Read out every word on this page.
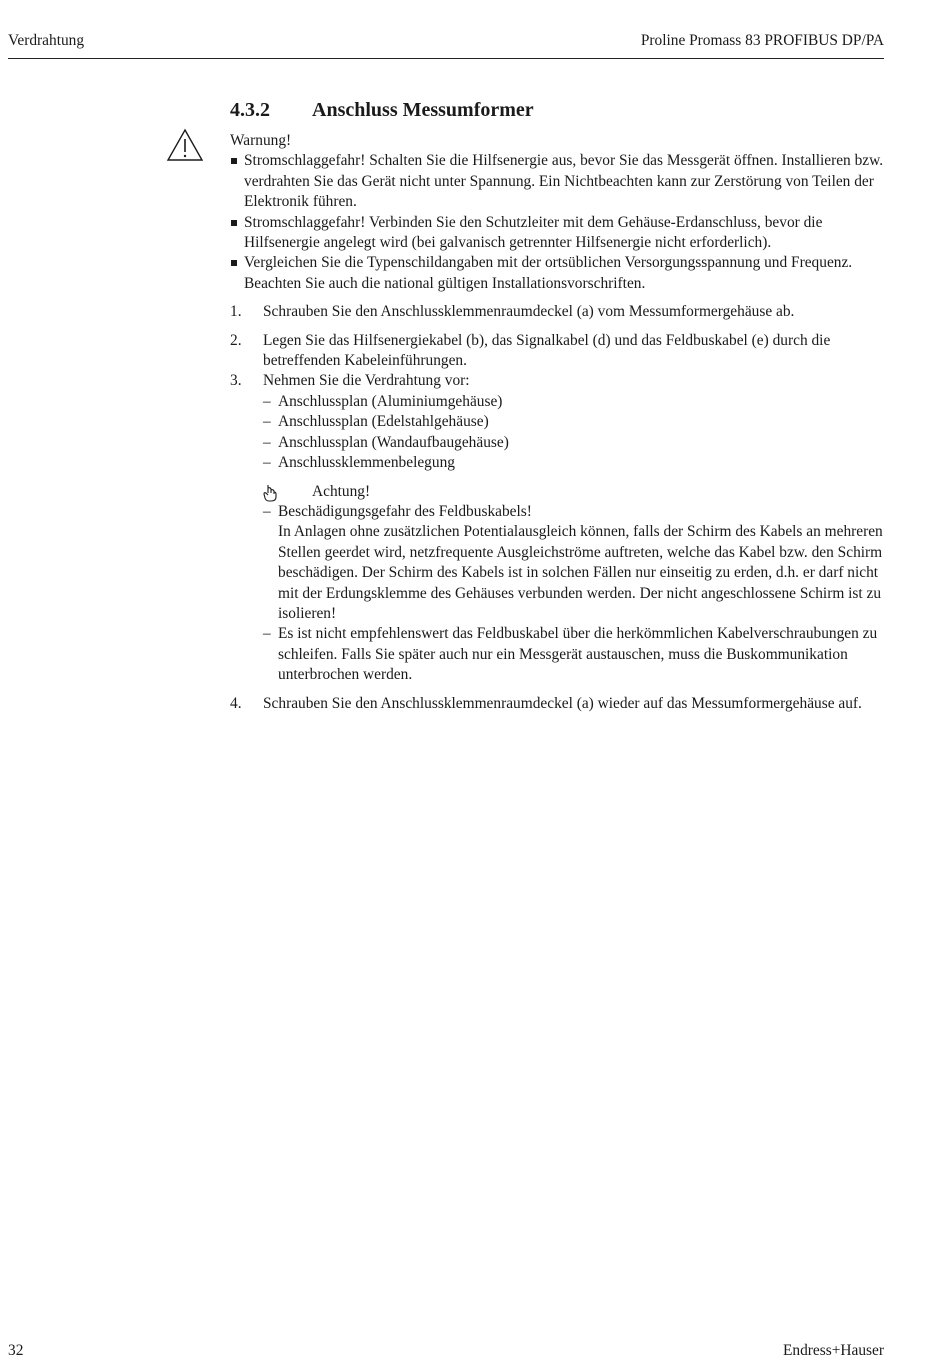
Verdrahtung	Proline Promass 83 PROFIBUS DP/PA
4.3.2 Anschluss Messumformer
Warnung!
Stromschlaggefahr! Schalten Sie die Hilfsenergie aus, bevor Sie das Messgerät öffnen. Installieren bzw. verdrahten Sie das Gerät nicht unter Spannung. Ein Nichtbeachten kann zur Zerstörung von Teilen der Elektronik führen.
Stromschlaggefahr! Verbinden Sie den Schutzleiter mit dem Gehäuse-Erdanschluss, bevor die Hilfsenergie angelegt wird (bei galvanisch getrennter Hilfsenergie nicht erforderlich).
Vergleichen Sie die Typenschildangaben mit der ortsüblichen Versorgungsspannung und Frequenz. Beachten Sie auch die national gültigen Installationsvorschriften.
1. Schrauben Sie den Anschlussklemmenraumdeckel (a) vom Messumformergehäuse ab.
2. Legen Sie das Hilfsenergiekabel (b), das Signalkabel (d) und das Feldbuskabel (e) durch die betreffenden Kabeleinführungen.
3. Nehmen Sie die Verdrahtung vor:
– Anschlussplan (Aluminiumgehäuse)
– Anschlussplan (Edelstahlgehäuse)
– Anschlussplan (Wandaufbaugehäuse)
– Anschlussklemmenbelegung
Achtung!
– Beschädigungsgefahr des Feldbuskabels!
In Anlagen ohne zusätzlichen Potentialausgleich können, falls der Schirm des Kabels an mehreren Stellen geerdet wird, netzfrequente Ausgleichströme auftreten, welche das Kabel bzw. den Schirm beschädigen. Der Schirm des Kabels ist in solchen Fällen nur einseitig zu erden, d.h. er darf nicht mit der Erdungsklemme des Gehäuses verbunden werden. Der nicht angeschlossene Schirm ist zu isolieren!
– Es ist nicht empfehlenswert das Feldbuskabel über die herkömmlichen Kabelverschraubungen zu schleifen. Falls Sie später auch nur ein Messgerät austauschen, muss die Buskommunikation unterbrochen werden.
4. Schrauben Sie den Anschlussklemmenraumdeckel (a) wieder auf das Messumformergehäuse auf.
32	Endress+Hauser
